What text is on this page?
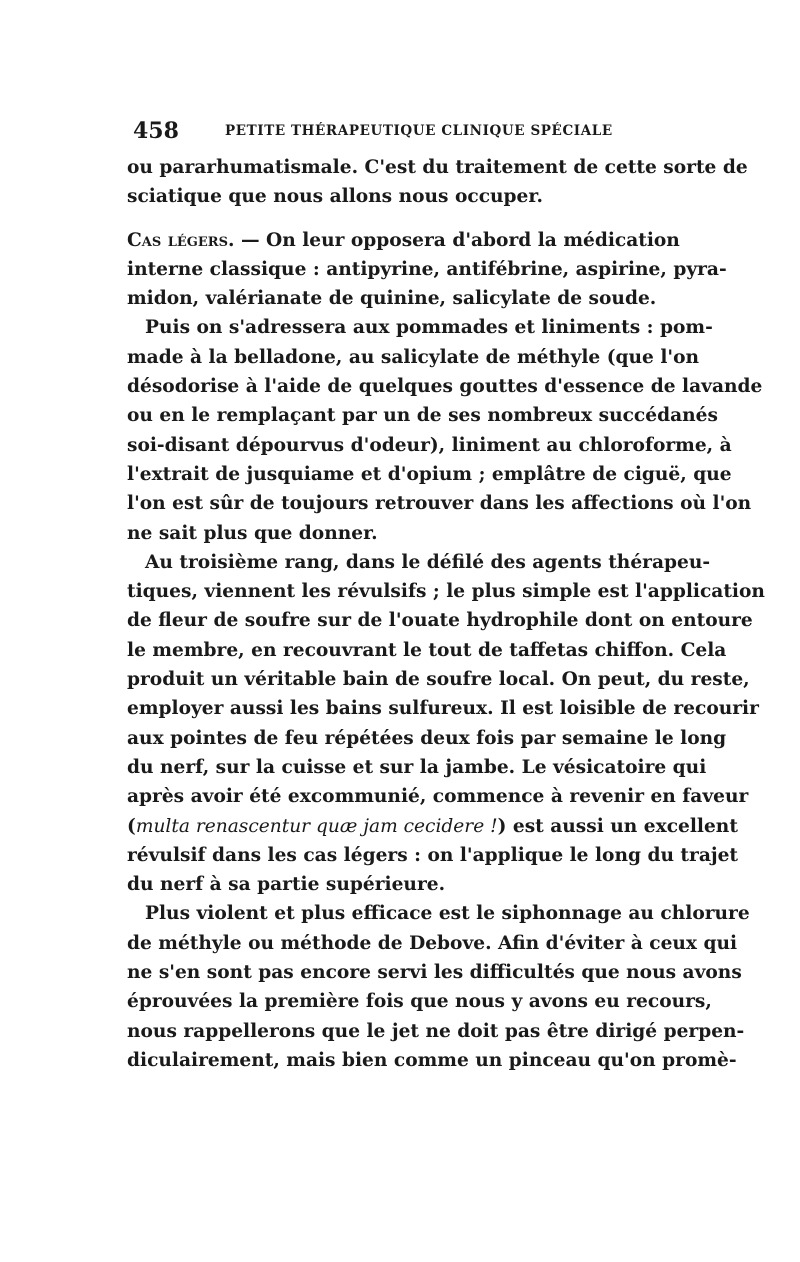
458	PETITE THÉRAPEUTIQUE CLINIQUE SPÉCIALE
ou pararhumatismale. C'est du traitement de cette sorte de
sciatique que nous allons nous occuper.
Cas légers. — On leur opposera d'abord la médication
interne classique : antipyrine, antifébrine, aspirine, pyra-
midon, valérianate de quinine, salicylate de soude.
Puis on s'adressera aux pommades et liniments : pom-
made à la belladone, au salicylate de méthyle (que l'on
désodorise à l'aide de quelques gouttes d'essence de lavande
ou en le remplaçant par un de ses nombreux succédanés
soi-disant dépourvus d'odeur), liniment au chloroforme, à
l'extrait de jusquiame et d'opium ; emplâtre de ciguë, que
l'on est sûr de toujours retrouver dans les affections où l'on
ne sait plus que donner.
Au troisième rang, dans le défilé des agents thérapeu-
tiques, viennent les révulsifs ; le plus simple est l'application
de fleur de soufre sur de l'ouate hydrophile dont on entoure
le membre, en recouvrant le tout de taffetas chiffon. Cela
produit un véritable bain de soufre local. On peut, du reste,
employer aussi les bains sulfureux. Il est loisible de recourir
aux pointes de feu répétées deux fois par semaine le long
du nerf, sur la cuisse et sur la jambe. Le vésicatoire qui
après avoir été excommunié, commence à revenir en faveur
(multa renascentur quæ jam cecidere !) est aussi un excellent
révulsif dans les cas légers : on l'applique le long du trajet
du nerf à sa partie supérieure.
Plus violent et plus efficace est le siphonnage au chlorure
de méthyle ou méthode de Debove. Afin d'éviter à ceux qui
ne s'en sont pas encore servi les difficultés que nous avons
éprouvées la première fois que nous y avons eu recours,
nous rappellerons que le jet ne doit pas être dirigé perpen-
diculairement, mais bien comme un pinceau qu'on promè-
